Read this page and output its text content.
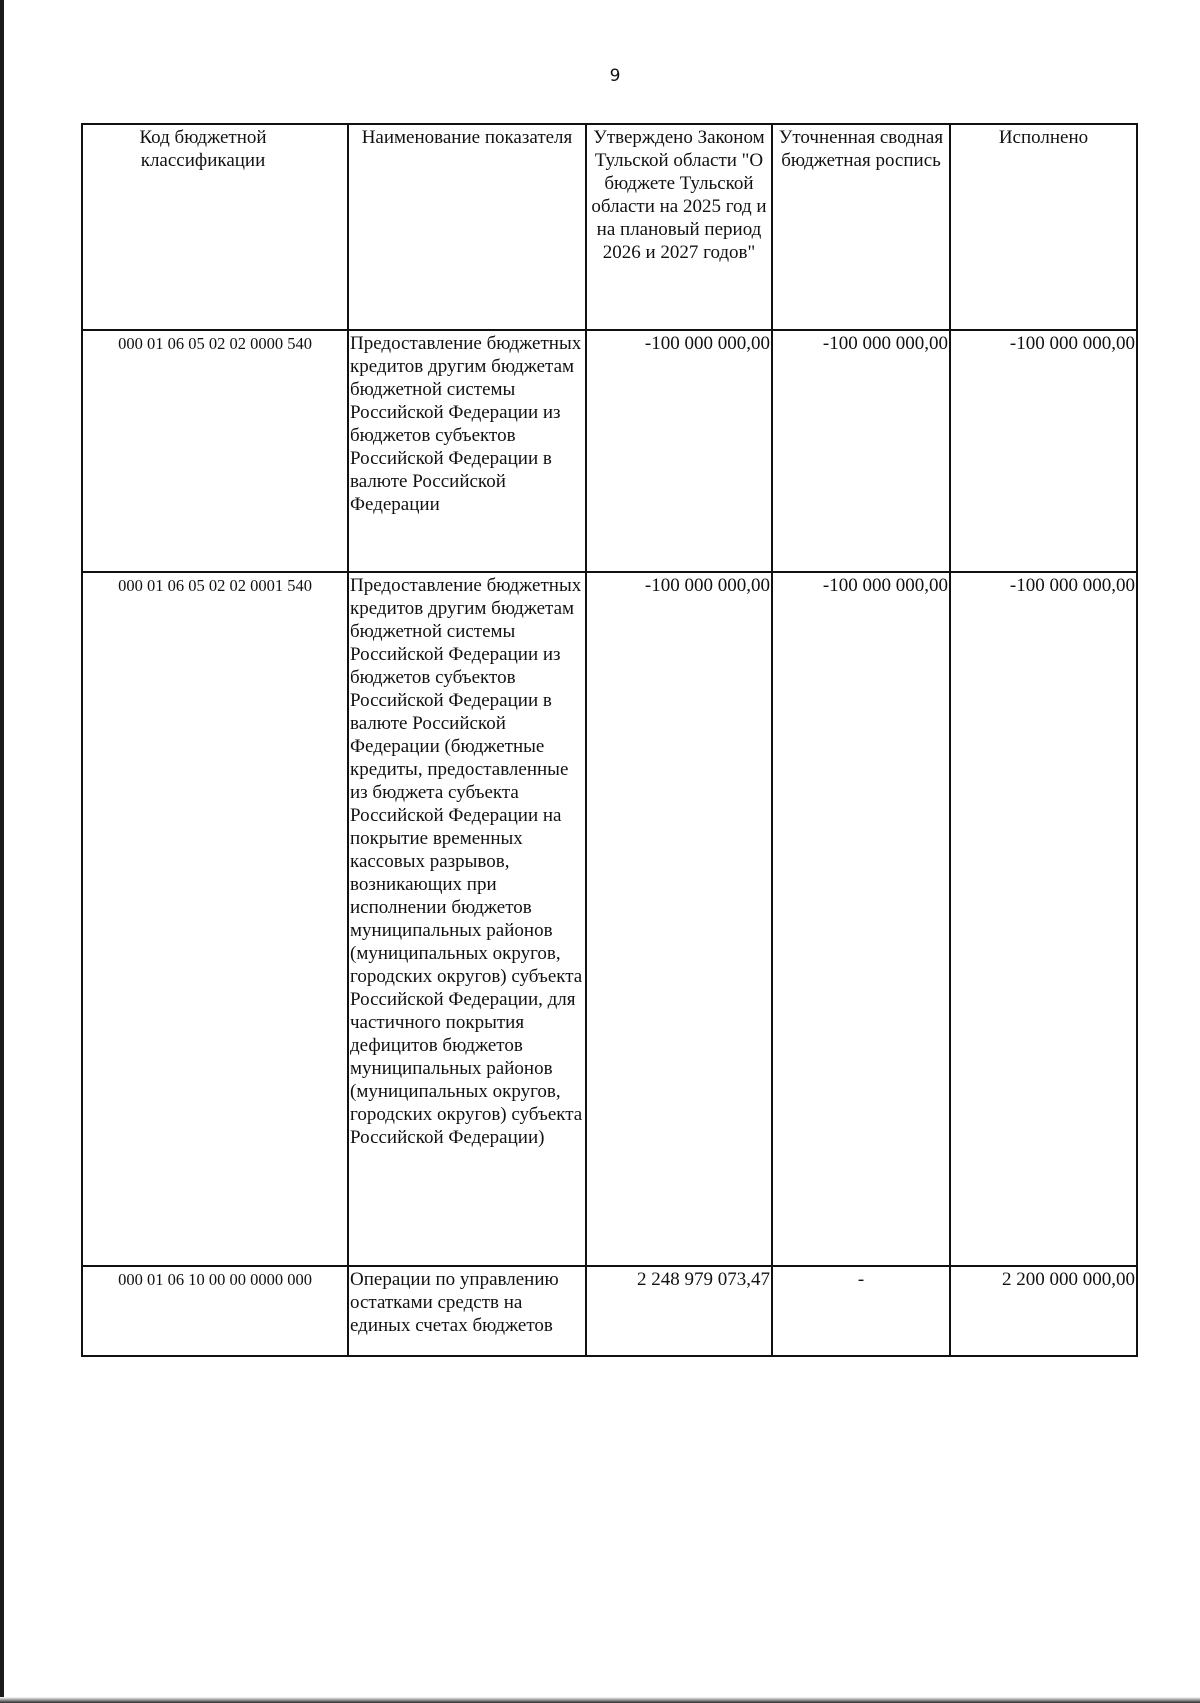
9
Код бюджетной классификации	Наименование показателя	Утверждено Законом Тульской области "О бюджете Тульской области на 2025 год и на плановый период 2026 и 2027 годов"	Уточненная сводная бюджетная роспись	Исполнено
000 01 06 05 02 02 0000 540	Предоставление бюджетных кредитов другим бюджетам бюджетной системы Российской Федерации из бюджетов субъектов Российской Федерации в валюте Российской Федерации	-100 000 000,00	-100 000 000,00	-100 000 000,00
000 01 06 05 02 02 0001 540	Предоставление бюджетных кредитов другим бюджетам бюджетной системы Российской Федерации из бюджетов субъектов Российской Федерации в валюте Российской Федерации (бюджетные кредиты, предоставленные из бюджета субъекта Российской Федерации на покрытие временных кассовых разрывов, возникающих при исполнении бюджетов муниципальных районов (муниципальных округов, городских округов) субъекта Российской Федерации, для частичного покрытия дефицитов бюджетов муниципальных районов (муниципальных округов, городских округов) субъекта Российской Федерации)	-100 000 000,00	-100 000 000,00	-100 000 000,00
000 01 06 10 00 00 0000 000	Операции по управлению остатками средств на единых счетах бюджетов	2 248 979 073,47	-	2 200 000 000,00
